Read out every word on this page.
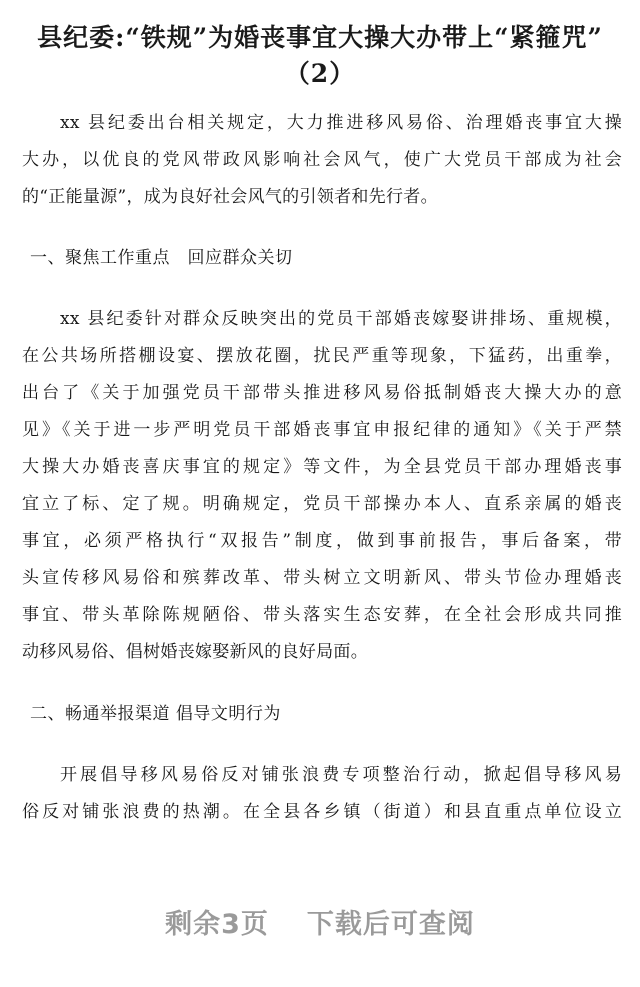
县纪委:“铁规”为婚丧事宜大操大办带上“紧箍咒”
（2）
xx 县纪委出台相关规定，大力推进移风易俗、治理婚丧事宜大操
大办，以优良的党风带政风影响社会风气，使广大党员干部成为社会
的“正能量源”，成为良好社会风气的引领者和先行者。
一、聚焦工作重点　回应群众关切
xx 县纪委针对群众反映突出的党员干部婚丧嫁娶讲排场、重规模，
在公共场所搭棚设宴、摆放花圈，扰民严重等现象，下猛药，出重拳，
出台了《关于加强党员干部带头推进移风易俗抵制婚丧大操大办的意
见》《关于进一步严明党员干部婚丧事宜申报纪律的通知》《关于严禁
大操大办婚丧喜庆事宜的规定》等文件，为全县党员干部办理婚丧事
宜立了标、定了规。明确规定，党员干部操办本人、直系亲属的婚丧
事宜，必须严格执行“双报告”制度，做到事前报告，事后备案，带
头宣传移风易俗和殡葬改革、带头树立文明新风、带头节俭办理婚丧
事宜、带头革除陈规陋俗、带头落实生态安葬，在全社会形成共同推
动移风易俗、倡树婚丧嫁娶新风的良好局面。
二、畅通举报渠道 倡导文明行为
开展倡导移风易俗反对铺张浪费专项整治行动，掀起倡导移风易
俗反对铺张浪费的热潮。在全县各乡镇（街道）和县直重点单位设立
剩余3页 下载后可查阅
